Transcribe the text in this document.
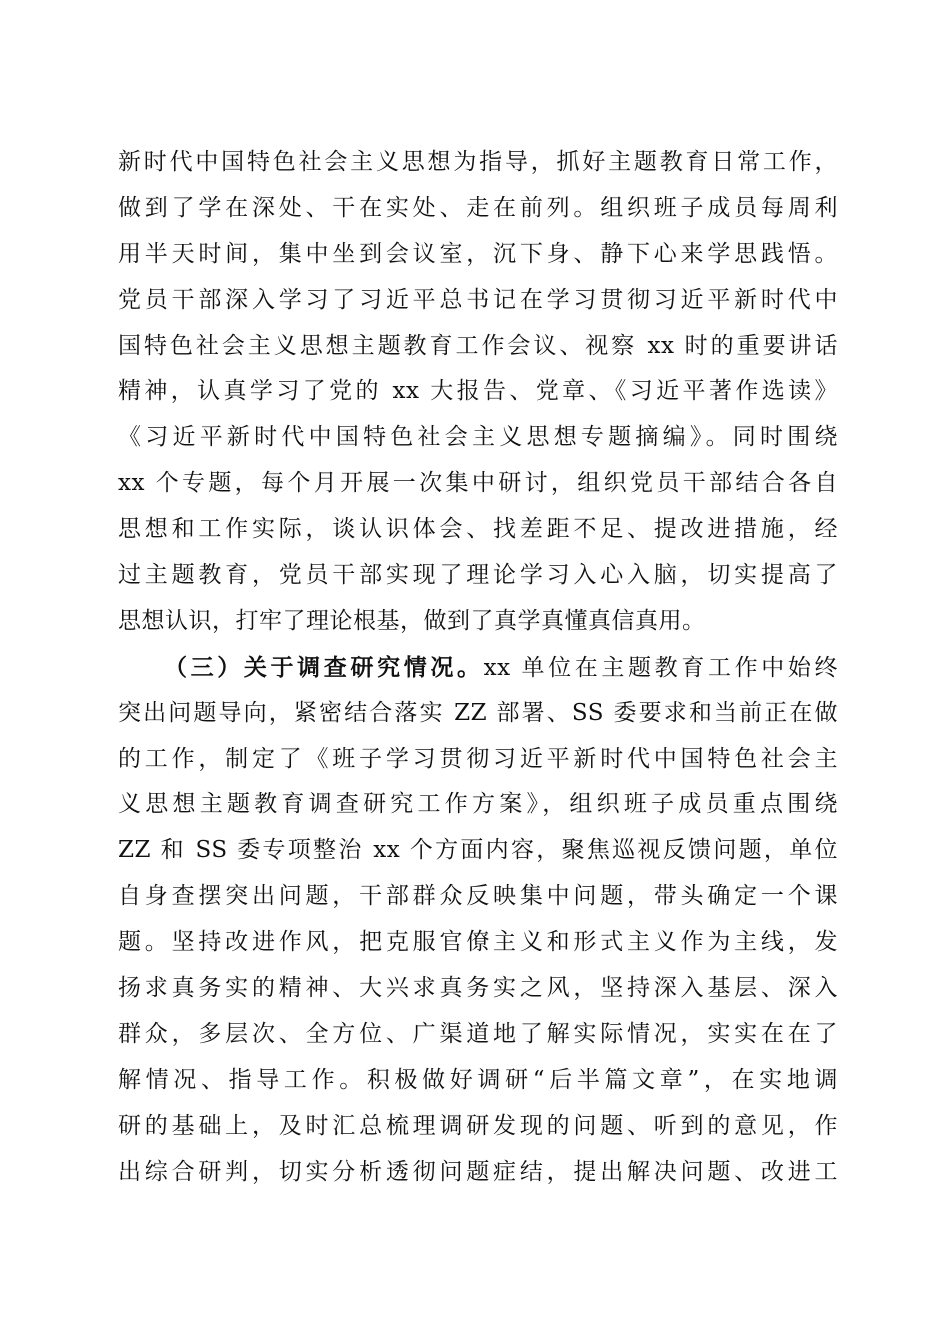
新时代中国特色社会主义思想为指导，抓好主题教育日常工作，
做到了学在深处、干在实处、走在前列。组织班子成员每周利
用半天时间，集中坐到会议室，沉下身、静下心来学思践悟。
党员干部深入学习了习近平总书记在学习贯彻习近平新时代中
国特色社会主义思想主题教育工作会议、视察 xx 时的重要讲话
精神，认真学习了党的 xx 大报告、党章、《习近平著作选读》
《习近平新时代中国特色社会主义思想专题摘编》。同时围绕
xx 个专题，每个月开展一次集中研讨，组织党员干部结合各自
思想和工作实际，谈认识体会、找差距不足、提改进措施，经
过主题教育，党员干部实现了理论学习入心入脑，切实提高了
思想认识，打牢了理论根基，做到了真学真懂真信真用。
（三）关于调查研究情况。xx 单位在主题教育工作中始终
突出问题导向，紧密结合落实 ZZ 部署、SS 委要求和当前正在做
的工作，制定了《班子学习贯彻习近平新时代中国特色社会主
义思想主题教育调查研究工作方案》，组织班子成员重点围绕
ZZ 和 SS 委专项整治 xx 个方面内容，聚焦巡视反馈问题，单位
自身查摆突出问题，干部群众反映集中问题，带头确定一个课
题。坚持改进作风，把克服官僚主义和形式主义作为主线，发
扬求真务实的精神、大兴求真务实之风，坚持深入基层、深入
群众，多层次、全方位、广渠道地了解实际情况，实实在在了
解情况、指导工作。积极做好调研“后半篇文章”，在实地调
研的基础上，及时汇总梳理调研发现的问题、听到的意见，作
出综合研判，切实分析透彻问题症结，提出解决问题、改进工
